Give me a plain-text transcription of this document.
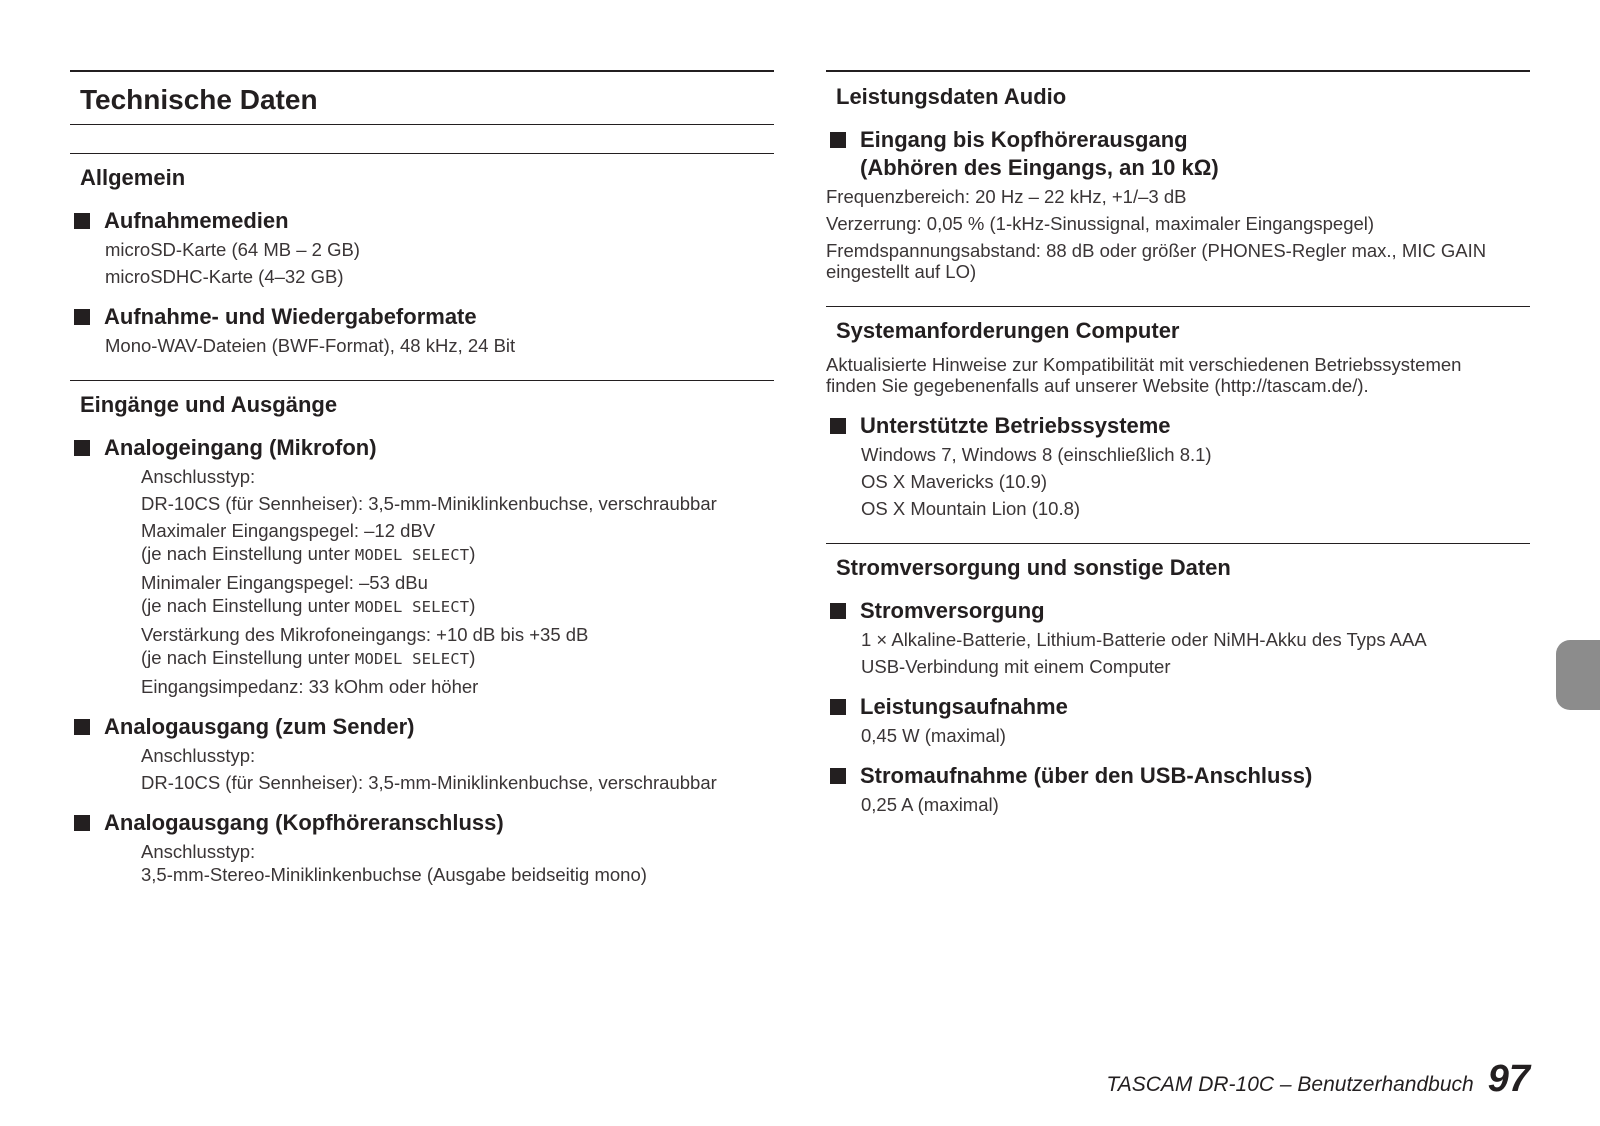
Technische Daten
Allgemein
Aufnahmemedien
microSD-Karte (64 MB – 2 GB)
microSDHC-Karte (4–32 GB)
Aufnahme- und Wiedergabeformate
Mono-WAV-Dateien (BWF-Format), 48 kHz, 24 Bit
Eingänge und Ausgänge
Analogeingang (Mikrofon)
Anschlusstyp:
DR-10CS (für Sennheiser): 3,5-mm-Miniklinkenbuchse, verschraubbar
Maximaler Eingangspegel: –12 dBV
(je nach Einstellung unter MODEL SELECT)
Minimaler Eingangspegel: –53 dBu
(je nach Einstellung unter MODEL SELECT)
Verstärkung des Mikrofoneingangs: +10 dB bis +35 dB
(je nach Einstellung unter MODEL SELECT)
Eingangsimpedanz: 33 kOhm oder höher
Analogausgang (zum Sender)
Anschlusstyp:
DR-10CS (für Sennheiser): 3,5-mm-Miniklinkenbuchse, verschraubbar
Analogausgang (Kopfhöreranschluss)
Anschlusstyp:
3,5-mm-Stereo-Miniklinkenbuchse (Ausgabe beidseitig mono)
Leistungsdaten Audio
Eingang bis Kopfhörerausgang
(Abhören des Eingangs, an 10 kΩ)
Frequenzbereich: 20 Hz – 22 kHz, +1/–3 dB
Verzerrung: 0,05 % (1-kHz-Sinussignal, maximaler Eingangspegel)
Fremdspannungsabstand: 88 dB oder größer (PHONES-Regler max., MIC GAIN
eingestellt auf LO)
Systemanforderungen Computer
Aktualisierte Hinweise zur Kompatibilität mit verschiedenen Betriebssystemen
finden Sie gegebenenfalls auf unserer Website (http://tascam.de/).
Unterstützte Betriebssysteme
Windows 7, Windows 8 (einschließlich 8.1)
OS X Mavericks (10.9)
OS X Mountain Lion (10.8)
Stromversorgung und sonstige Daten
Stromversorgung
1 × Alkaline-Batterie, Lithium-Batterie oder NiMH-Akku des Typs AAA
USB-Verbindung mit einem Computer
Leistungsaufnahme
0,45 W (maximal)
Stromaufnahme (über den USB-Anschluss)
0,25 A (maximal)
TASCAM DR-10C – Benutzerhandbuch 97
